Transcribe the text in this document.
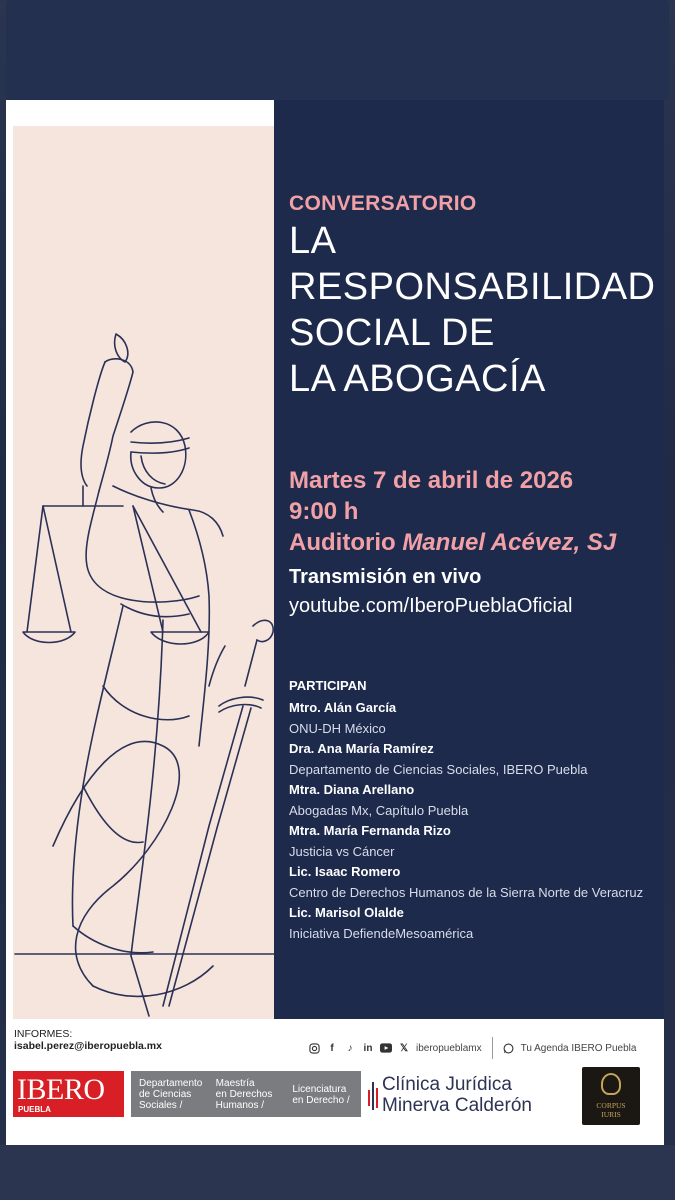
CONVERSATORIO
LA
RESPONSABILIDAD
SOCIAL DE
LA ABOGACÍA
Martes 7 de abril de 2026
9:00 h
Auditorio Manuel Acévez, SJ
Transmisión en vivo
youtube.com/IberoPueblaOficial
PARTICIPAN
Mtro. Alán García
ONU-DH México
Dra. Ana María Ramírez
Departamento de Ciencias Sociales, IBERO Puebla
Mtra. Diana Arellano
Abogadas Mx, Capítulo Puebla
Mtra. María Fernanda Rizo
Justicia vs Cáncer
Lic. Isaac Romero
Centro de Derechos Humanos de la Sierra Norte de Veracruz
Lic. Marisol Olalde
Iniciativa DefiendeMesoamérica
INFORMES:
isabel.perez@iberopuebla.mx	f	♪	in	𝕏 iberopueblamx	Tu Agenda IBERO Puebla
IBERO
PUEBLA
Departamento
de Ciencias
Sociales /
Maestría
en Derechos
Humanos /
Licenciatura
en Derecho /
Clínica Jurídica
Minerva Calderón	CORPUS
IURIS
